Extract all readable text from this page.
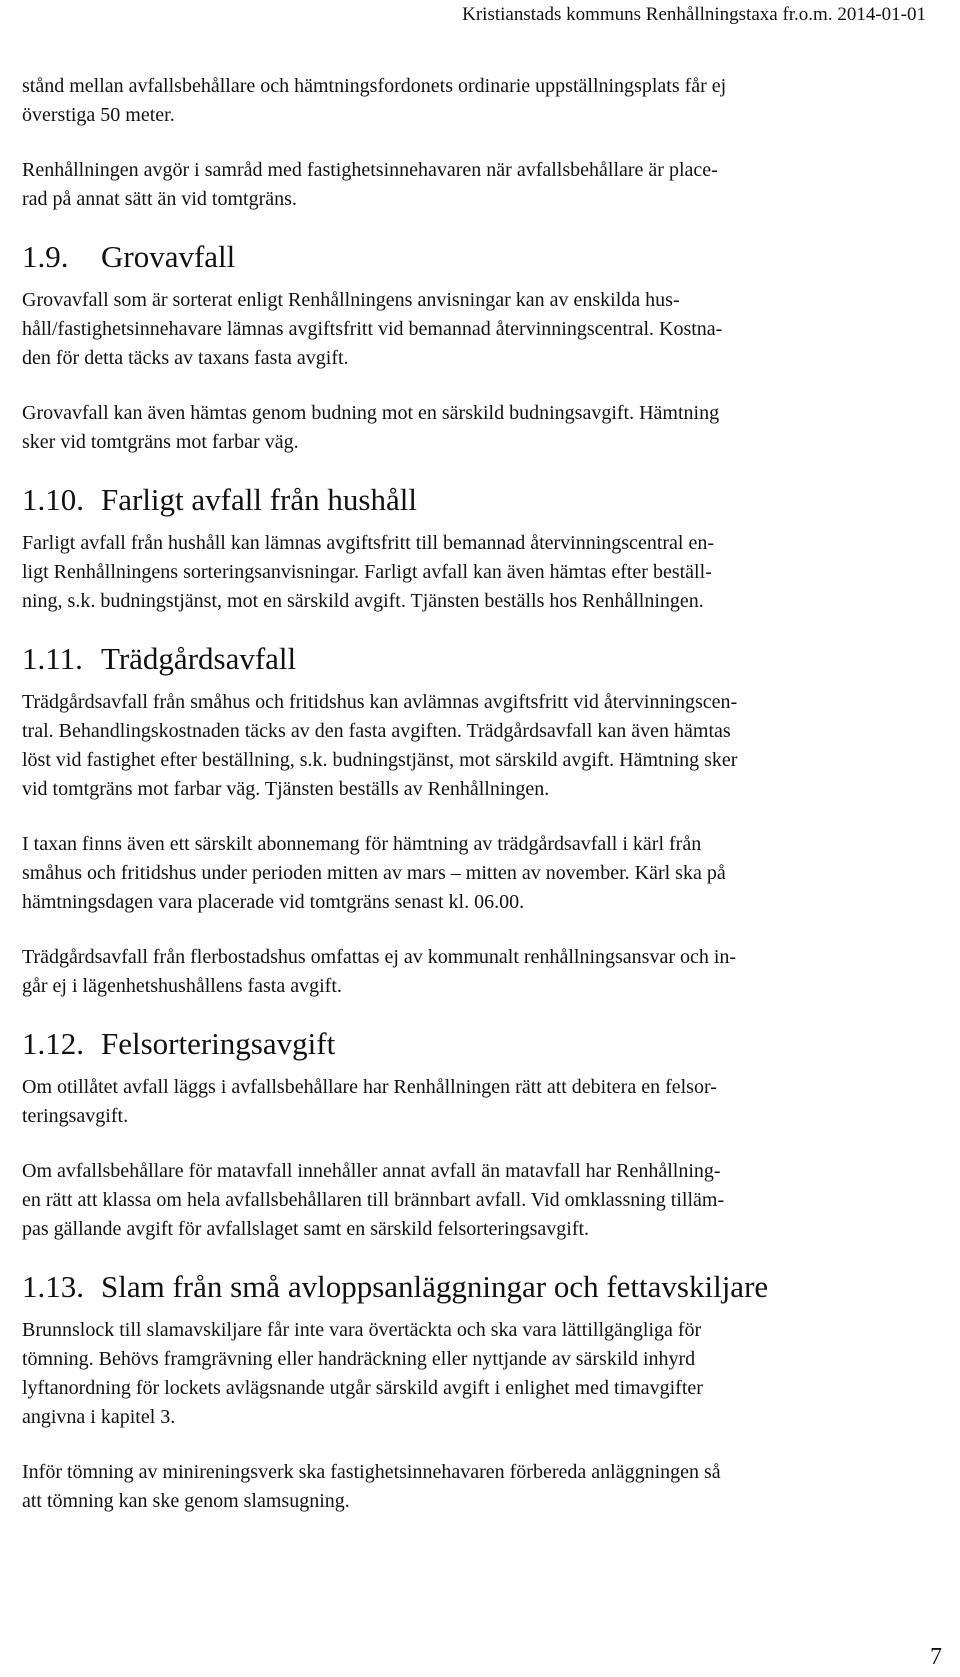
Kristianstads kommuns Renhållningstaxa fr.o.m. 2014-01-01
stånd mellan avfallsbehållare och hämtningsfordonets ordinarie uppställningsplats får ej
överstiga 50 meter.
Renhållningen avgör i samråd med fastighetsinnehavaren när avfallsbehållare är place-
rad på annat sätt än vid tomtgräns.
1.9. Grovavfall
Grovavfall som är sorterat enligt Renhållningens anvisningar kan av enskilda hus-
håll/fastighetsinnehavare lämnas avgiftsfritt vid bemannad återvinningscentral. Kostna-
den för detta täcks av taxans fasta avgift.
Grovavfall kan även hämtas genom budning mot en särskild budningsavgift. Hämtning
sker vid tomtgräns mot farbar väg.
1.10. Farligt avfall från hushåll
Farligt avfall från hushåll kan lämnas avgiftsfritt till bemannad återvinningscentral en-
ligt Renhållningens sorteringsanvisningar. Farligt avfall kan även hämtas efter beställ-
ning, s.k. budningstjänst, mot en särskild avgift. Tjänsten beställs hos Renhållningen.
1.11. Trädgårdsavfall
Trädgårdsavfall från småhus och fritidshus kan avlämnas avgiftsfritt vid återvinningscen-
tral. Behandlingskostnaden täcks av den fasta avgiften. Trädgårdsavfall kan även hämtas
löst vid fastighet efter beställning, s.k. budningstjänst, mot särskild avgift. Hämtning sker
vid tomtgräns mot farbar väg. Tjänsten beställs av Renhållningen.
I taxan finns även ett särskilt abonnemang för hämtning av trädgårdsavfall i kärl från
småhus och fritidshus under perioden mitten av mars – mitten av november. Kärl ska på
hämtningsdagen vara placerade vid tomtgräns senast kl. 06.00.
Trädgårdsavfall från flerbostadshus omfattas ej av kommunalt renhållningsansvar och in-
går ej i lägenhetshushållens fasta avgift.
1.12. Felsorteringsavgift
Om otillåtet avfall läggs i avfallsbehållare har Renhållningen rätt att debitera en felsor-
teringsavgift.
Om avfallsbehållare för matavfall innehåller annat avfall än matavfall har Renhållning-
en rätt att klassa om hela avfallsbehållaren till brännbart avfall. Vid omklassning tilläm-
pas gällande avgift för avfallslaget samt en särskild felsorteringsavgift.
1.13. Slam från små avloppsanläggningar och fettavskiljare
Brunnslock till slamavskiljare får inte vara övertäckta och ska vara lättillgängliga för
tömning. Behövs framgrävning eller handräckning eller nyttjande av särskild inhyrd
lyftanordning för lockets avlägsnande utgår särskild avgift i enlighet med timavgifter
angivna i kapitel 3.
Inför tömning av minireningsverk ska fastighetsinnehavaren förbereda anläggningen så
att tömning kan ske genom slamsugning.
7
